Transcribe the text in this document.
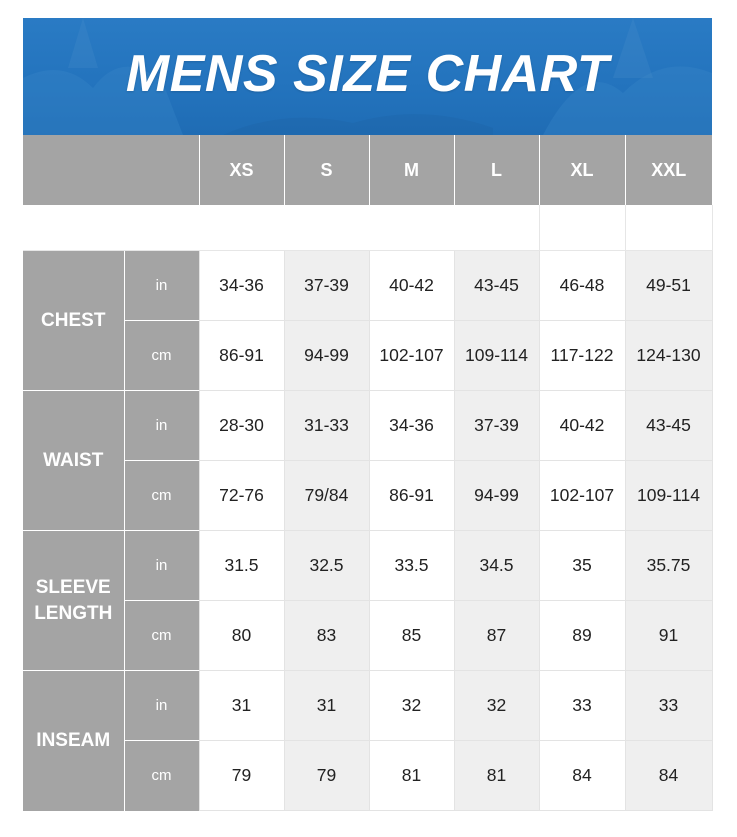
MENS SIZE CHART
		XS	S	M	L	XL	XXL

CHEST	in	34-36	37-39	40-42	43-45	46-48	49-51
	cm	86-91	94-99	102-107	109-114	117-122	124-130

WAIST	in	28-30	31-33	34-36	37-39	40-42	43-45
	cm	72-76	79/84	86-91	94-99	102-107	109-114

SLEEVE
LENGTH	in	31.5	32.5	33.5	34.5	35	35.75
	cm	80	83	85	87	89	91

INSEAM	in	31	31	32	32	33	33
	cm	79	79	81	81	84	84
